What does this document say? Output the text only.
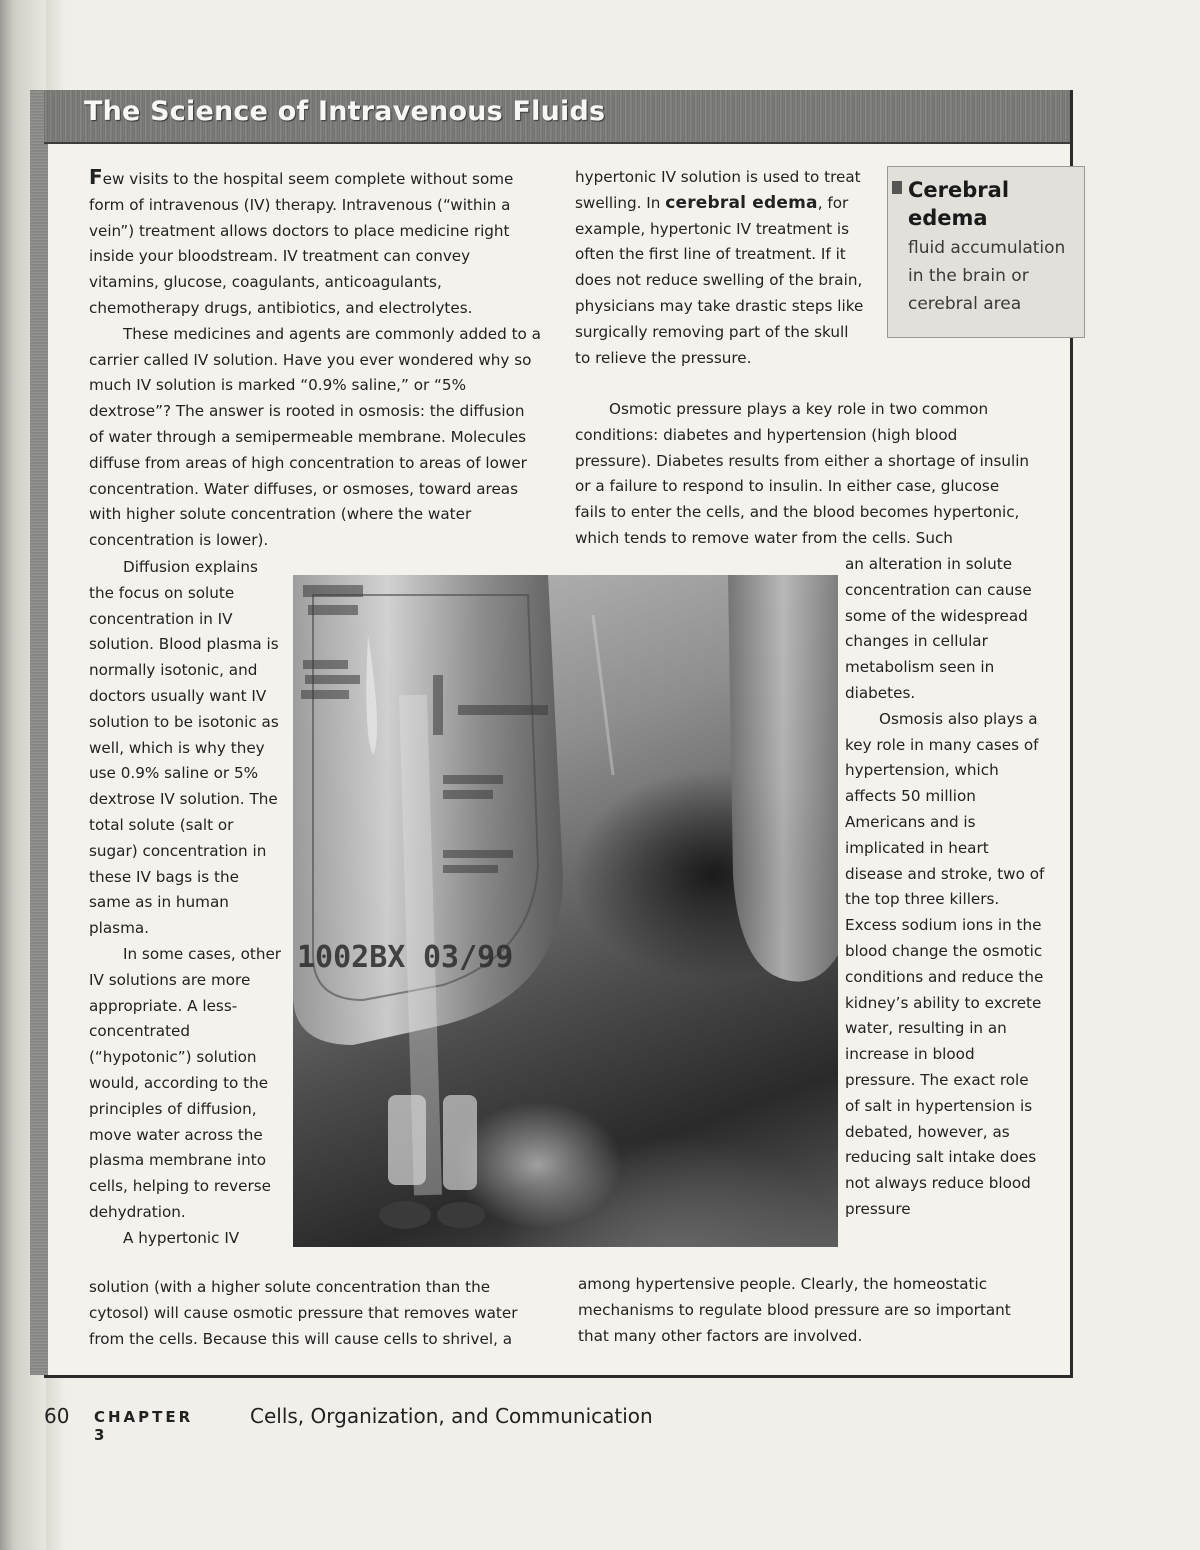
The Science of Intravenous Fluids

Few visits to the hospital seem complete without some form of intravenous (IV) therapy. Intravenous (“within a vein”) treatment allows doctors to place medicine right inside your bloodstream. IV treatment can convey vitamins, glucose, coagulants, anticoagulants, chemotherapy drugs, antibiotics, and electrolytes.

These medicines and agents are commonly added to a carrier called IV solution. Have you ever wondered why so much IV solution is marked “0.9% saline,” or “5% dextrose”? The answer is rooted in osmosis: the diffusion of water through a semipermeable membrane. Molecules diffuse from areas of high concentration to areas of lower concentration. Water diffuses, or osmoses, toward areas with higher solute concentration (where the water concentration is lower).

Diffusion explains the focus on solute concentration in IV solution. Blood plasma is normally isotonic, and doctors usually want IV solution to be isotonic as well, which is why they use 0.9% saline or 5% dextrose IV solution. The total solute (salt or sugar) concentration in these IV bags is the same as in human plasma.

In some cases, other IV solutions are more appropriate. A less-concentrated (“hypotonic”) solution would, according to the principles of diffusion, move water across the plasma membrane into cells, helping to reverse dehydration.

A hypertonic IV

solution (with a higher solute concentration than the cytosol) will cause osmotic pressure that removes water from the cells. Because this will cause cells to shrivel, a

hypertonic IV solution is used to treat swelling. In cerebral edema, for example, hypertonic IV treatment is often the first line of treatment. If it does not reduce swelling of the brain, physicians may take drastic steps like surgically removing part of the skull to relieve the pressure.

Osmotic pressure plays a key role in two common conditions: diabetes and hypertension (high blood pressure). Diabetes results from either a shortage of insulin or a failure to respond to insulin. In either case, glucose fails to enter the cells, and the blood becomes hypertonic, which tends to remove water from the cells. Such

an alteration in solute concentration can cause some of the widespread changes in cellular metabolism seen in diabetes.

Osmosis also plays a key role in many cases of hypertension, which affects 50 million Americans and is implicated in heart disease and stroke, two of the top three killers. Excess sodium ions in the blood change the osmotic conditions and reduce the kidney’s ability to excrete water, resulting in an increase in blood pressure. The exact role of salt in hypertension is debated, however, as reducing salt intake does not always reduce blood pressure

among hypertensive people. Clearly, the homeostatic mechanisms to regulate blood pressure are so important that many other factors are involved.

Cerebral edema
fluid accumulation in the brain or cerebral area
1002BX 03/99
60 CHAPTER 3
Cells, Organization, and Communication
